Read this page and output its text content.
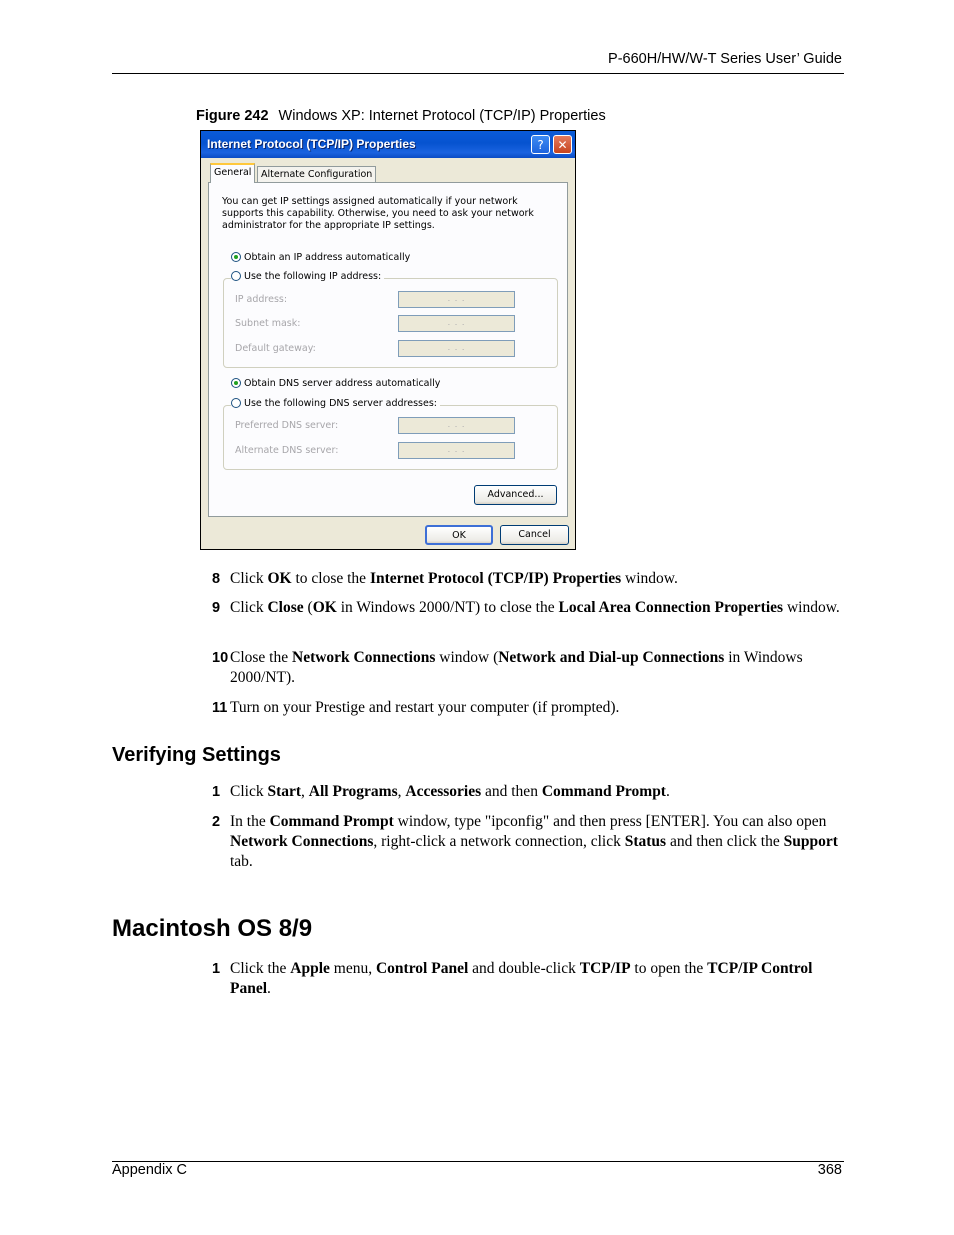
P-660H/HW/W-T Series User’ Guide
Figure 242 Windows XP: Internet Protocol (TCP/IP) Properties
Internet Protocol (TCP/IP) Properties	?	✕
General	Alternate Configuration
You can get IP settings assigned automatically if your network supports this capability. Otherwise, you need to ask your network administrator for the appropriate IP settings.
Obtain an IP address automatically
Use the following IP address:
IP address:	. . .
Subnet mask:	. . .
Default gateway:	. . .
Obtain DNS server address automatically
Use the following DNS server addresses:
Preferred DNS server:	. . .
Alternate DNS server:	. . .
Advanced...
OK	Cancel
8 Click OK to close the Internet Protocol (TCP/IP) Properties window.
9 Click Close (OK in Windows 2000/NT) to close the Local Area Connection Properties window.
10 Close the Network Connections window (Network and Dial-up Connections in Windows 2000/NT).
11 Turn on your Prestige and restart your computer (if prompted).
Verifying Settings
1 Click Start, All Programs, Accessories and then Command Prompt.
2 In the Command Prompt window, type "ipconfig" and then press [ENTER]. You can also open Network Connections, right-click a network connection, click Status and then click the Support tab.
Macintosh OS 8/9
1 Click the Apple menu, Control Panel and double-click TCP/IP to open the TCP/IP Control Panel.
Appendix C	368
